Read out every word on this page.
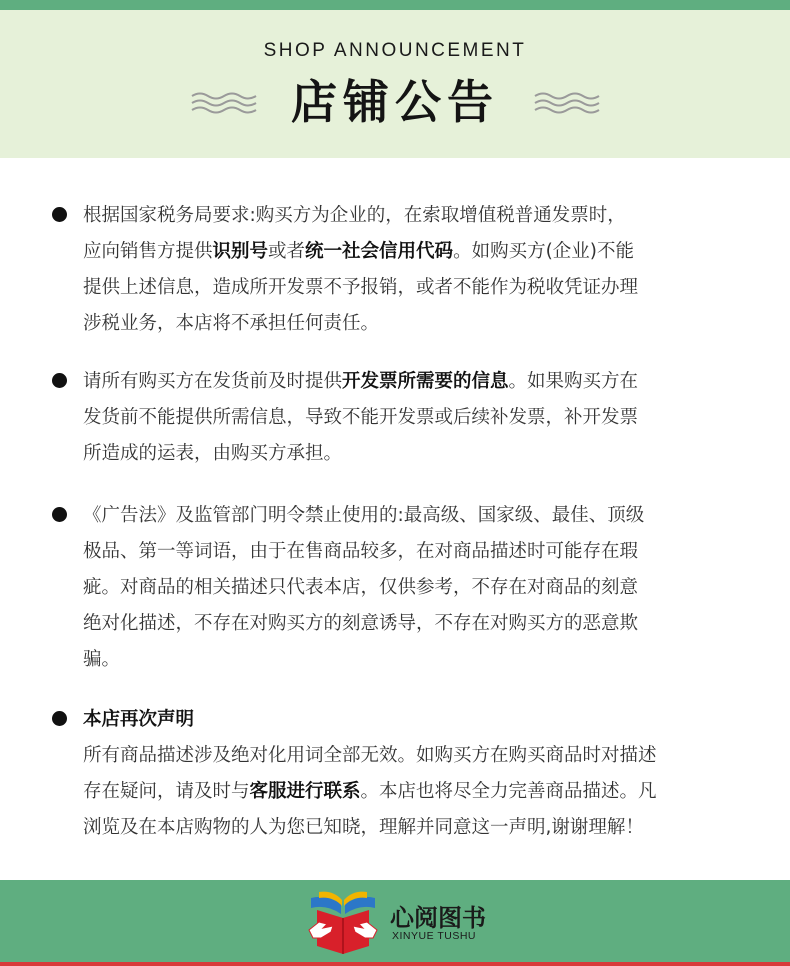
SHOP ANNOUNCEMENT
店铺公告
根据国家税务局要求:购买方为企业的，在索取增值税普通发票时，
应向销售方提供识别号或者统一社会信用代码。如购买方(企业)不能
提供上述信息，造成所开发票不予报销，或者不能作为税收凭证办理
涉税业务，本店将不承担任何责任。
请所有购买方在发货前及时提供开发票所需要的信息。如果购买方在
发货前不能提供所需信息，导致不能开发票或后续补发票，补开发票
所造成的运表，由购买方承担。
《广告法》及监管部门明令禁止使用的:最高级、国家级、最佳、顶级
极品、第一等词语，由于在售商品较多，在对商品描述时可能存在瑕
疵。对商品的相关描述只代表本店，仅供参考，不存在对商品的刻意
绝对化描述，不存在对购买方的刻意诱导，不存在对购买方的恶意欺
骗。
本店再次声明
所有商品描述涉及绝对化用词全部无效。如购买方在购买商品时对描述
存在疑问，请及时与客服进行联系。本店也将尽全力完善商品描述。凡
浏览及在本店购物的人为您已知晓，理解并同意这一声明,谢谢理解！
心阅图书
XINYUE TUSHU
